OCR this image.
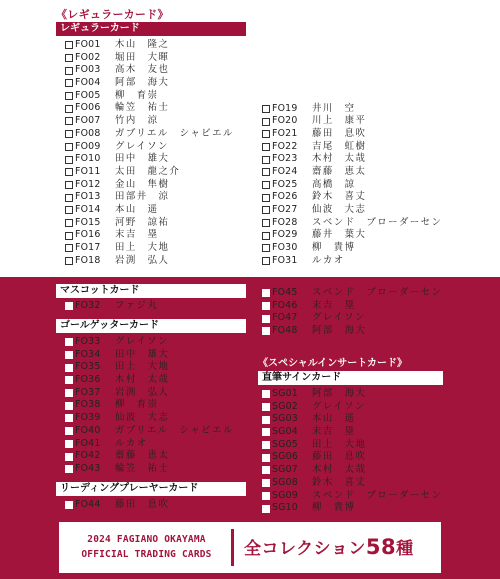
《レギュラーカード》
レギュラーカード
FO01	木山　隆之
FO02	堀田　大暉
FO03	高木　友也
FO04	阿部　海大
FO05	柳　育崇
FO06	輪笠　祐士
FO07	竹内　涼
FO08	ガブリエル　シャビエル
FO09	グレイソン
FO10	田中　雄大
FO11	太田　龍之介
FO12	金山　隼樹
FO13	田部井　涼
FO14	本山　遥
FO15	河野　諒祐
FO16	末吉　塁
FO17	田上　大地
FO18	岩渕　弘人
FO19	井川　空
FO20	川上　康平
FO21	藤田　息吹
FO22	吉尾　虹樹
FO23	木村　太哉
FO24	齋藤　恵太
FO25	高橋　諒
FO26	鈴木　喜丈
FO27	仙波　大志
FO28	スベンド　ブローダーセン
FO29	藤井　葉大
FO30	柳　貴博
FO31	ルカオ
マスコットカード
FO32	ファジ丸
ゴールゲッターカード
FO33	グレイソン
FO34	田中　雄大
FO35	田上　大地
FO36	木村　太哉
FO37	岩渕　弘人
FO38	柳　育崇
FO39	仙波　大志
FO40	ガブリエル　シャビエル
FO41	ルカオ
FO42	齋藤　恵太
FO43	輪笠　祐士
リーディングプレーヤーカード
FO44	藤田　息吹
FO45	スベンド　ブローダーセン
FO46	末吉　塁
FO47	グレイソン
FO48	阿部　海大
《スペシャルインサートカード》
直筆サインカード
SG01	阿部　海大
SG02	グレイソン
SG03	本山　遥
SG04	末吉　塁
SG05	田上　大地
SG06	藤田　息吹
SG07	木村　太哉
SG08	鈴木　喜丈
SG09	スベンド　ブローダーセン
SG10	柳　貴博
2024 FAGIANO OKAYAMA
OFFICIAL TRADING CARDS	全コレクション58種
